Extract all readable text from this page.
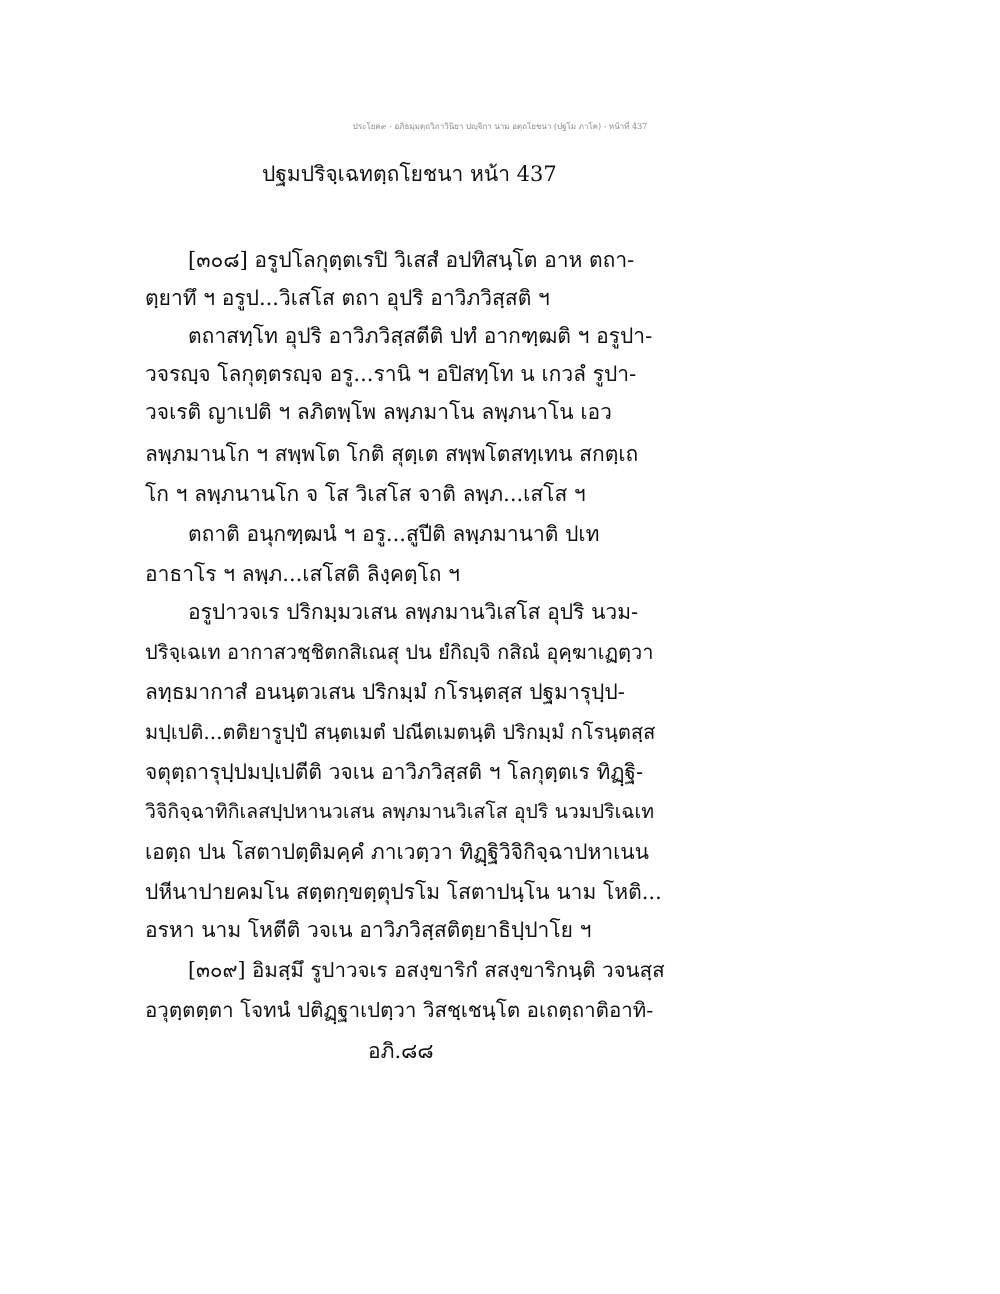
ประโยค๙ - อภิธมฺมตฺถวิภาวินิยา ปญฺจิกา นาม อตฺถโยชนา (ปฐโม ภาโค) - หน้าที่ 437
ปฐมปริจฺเฉทตฺถโยชนา หน้า 437
[๓๐๘] อรูปโลกุตฺตเรปิ วิเสสํ อปทิสนฺโต อาห ตถา-
ตฺยาทึ ฯ อรูป...วิเสโส ตถา อุปริ อาวิภวิสฺสติ ฯ
ตถาสทฺโท อุปริ อาวิภวิสฺสตีติ ปทํ อากฑฺฒติ ฯ อรูปา-
วจรญฺจ โลกุตฺตรญฺจ อรู...รานิ ฯ อปิสทฺโท น เกวลํ รูปา-
วจเรติ ญาเปติ ฯ ลภิตพฺโพ ลพฺภมาโน ลพฺภนาโน เอว
ลพฺภมานโก ฯ สพฺพโต โกติ สุตฺเต สพฺพโตสทฺเทน สกตฺเถ
โก ฯ ลพฺภนานโก จ โส วิเสโส จาติ ลพฺภ...เสโส ฯ
ตถาติ อนุกฑฺฒนํ ฯ อรู...สูปีติ ลพฺภมานาติ ปเท
อาธาโร ฯ ลพฺภ...เสโสติ ลิงฺคตฺโถ ฯ
อรูปาวจเร ปริกมฺมวเสน ลพฺภมานวิเสโส อุปริ นวม-
ปริจฺเฉเท อากาสวชฺชิตกสิเณสุ ปน ยํกิญฺจิ กสิณํ อุคฺฆาเฏตฺวา
ลทฺธมากาสํ อนนฺตวเสน ปริกมฺมํ กโรนฺตสฺส ปฐมารุปฺป-
มปฺเปติ...ตติยารูปฺปํ สนฺตเมตํ ปณีตเมตนฺติ ปริกมฺมํ กโรนฺตสฺส
จตุตฺถารุปฺปมปฺเปตีติ วจเน อาวิภวิสฺสติ ฯ โลกุตฺตเร ทิฏฺฐิ-
วิจิกิจฺฉาทิกิเลสปฺปหานวเสน ลพฺภมานวิเสโส อุปริ นวมปริเฉเท
เอตฺถ ปน โสตาปตฺติมคฺคํ ภาเวตฺวา ทิฏฺฐิวิจิกิจฺฉาปหาเนน
ปหีนาปายคมโน สตฺตกฺขตฺตุปรโม โสตาปนฺโน นาม โหติ...
อรหา นาม โหตีติ วจเน อาวิภวิสฺสติตฺยาธิปฺปาโย ฯ
[๓๐๙] อิมสฺมึ รูปาวจเร อสงฺขาริกํ สสงฺขาริกนฺติ วจนสฺส
อวุตฺตตฺตา โจทนํ ปติฏฺฐาเปตฺวา วิสชฺเชนฺโต อเถตฺถาติอาทิ-
อภิ.๘๘
